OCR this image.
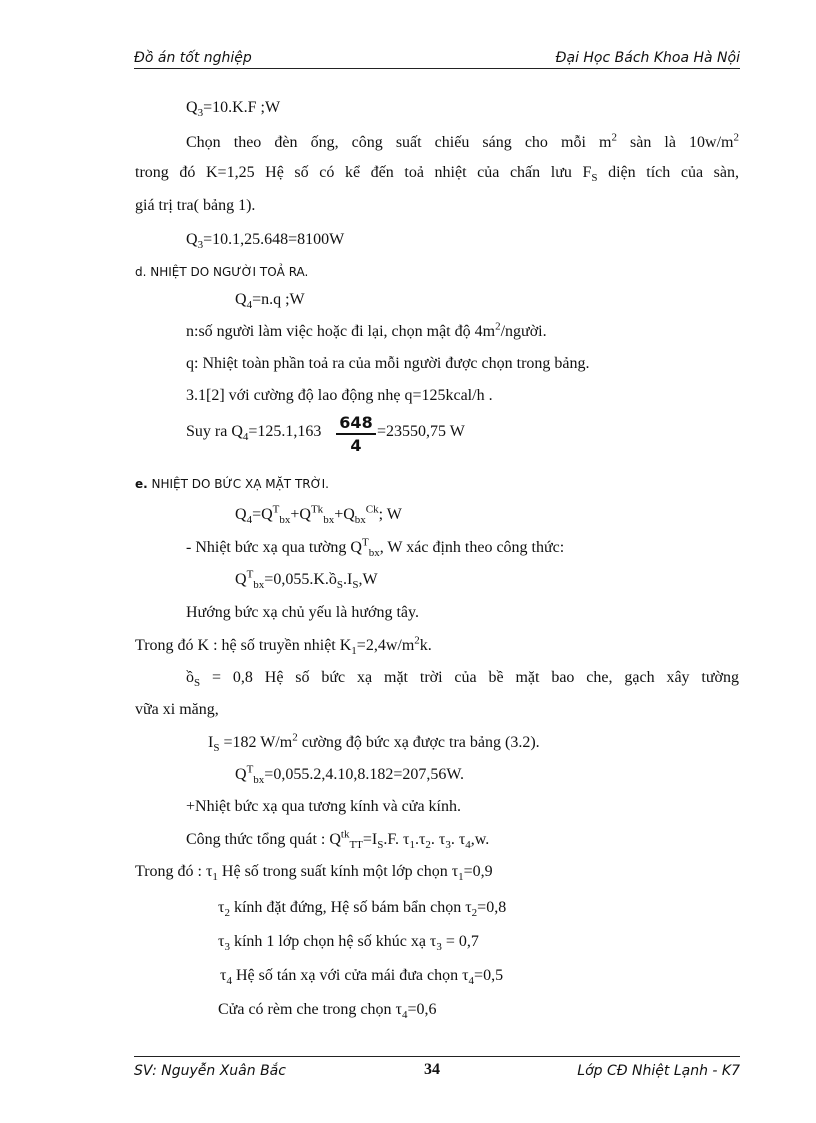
Đồ án tốt nghiệp	Đại Học Bách Khoa Hà Nội
$Q_3=10.K.F$ ;W
Chọn theo đèn ống, công suất chiếu sáng cho mỗi $m^2$ sàn là $10w/m^2$
trong đó K=1,25 Hệ số có kể đến toả nhiệt của chấn lưu $F_S$ diện tích của sàn,
giá trị tra( bảng 1).
$Q_3=10.1,25.648=8100W$
d. NHIỆT DO NGƯỜI TOẢ RA.
$Q_4=n.q$ ;W
n:số người làm việc hoặc đi lại, chọn mật độ $4m^2$/người.
q: Nhiệt toàn phần toả ra của mỗi người được chọn trong bảng.
3.1[2] với cường độ lao động nhẹ q=125kcal/h .
Suy ra $Q_4=125.1,163$	=23550,75 W
e. NHIỆT DO BỨC XẠ MẶT TRỜI.
$Q_4=Q^T_{bx}+Q^{Tk}_{bx}+Q_{bx}^{Ck}$; W
- Nhiệt bức xạ qua tường $Q^T_{bx}$, W xác định theo công thức:
$Q^T_{bx}=0,055.K.ồ_S.I_S,W$
Hướng bức xạ chủ yếu là hướng tây.
Trong đó K : hệ số truyền nhiệt $K_1=2,4w/m^2k$.
ồ$_S$ = 0,8 Hệ số bức xạ mặt trời của bề mặt bao che, gạch xây tường
vữa xi măng,
$I_S =182$ $W/m^2$ cường độ bức xạ được tra bảng (3.2).
$Q^T_{bx}=0,055.2,4.10,8.182=207,56W$.
+Nhiệt bức xạ qua tương kính và cửa kính.
Công thức tổng quát : $Q^{tk}_{TT}=I_S.F$. $\tau_1.\tau_2$. $\tau_3$. $\tau_4,w$.
Trong đó : $\tau_1$ Hệ số trong suất kính một lớp chọn $\tau_1=0,9$
$\tau_2$ kính đặt đứng, Hệ số bám bẩn chọn $\tau_2=0,8$
$\tau_3$ kính 1 lớp chọn hệ số khúc xạ $\tau_3 = 0,7$
$\tau_4$ Hệ số tán xạ với cửa mái đưa chọn $\tau_4=0,5$
Cửa có rèm che trong chọn $\tau_4=0,6$
$\frac{648}{4}$
SV: Nguyễn Xuân Bắc	34	Lớp CĐ Nhiệt Lạnh - K7
